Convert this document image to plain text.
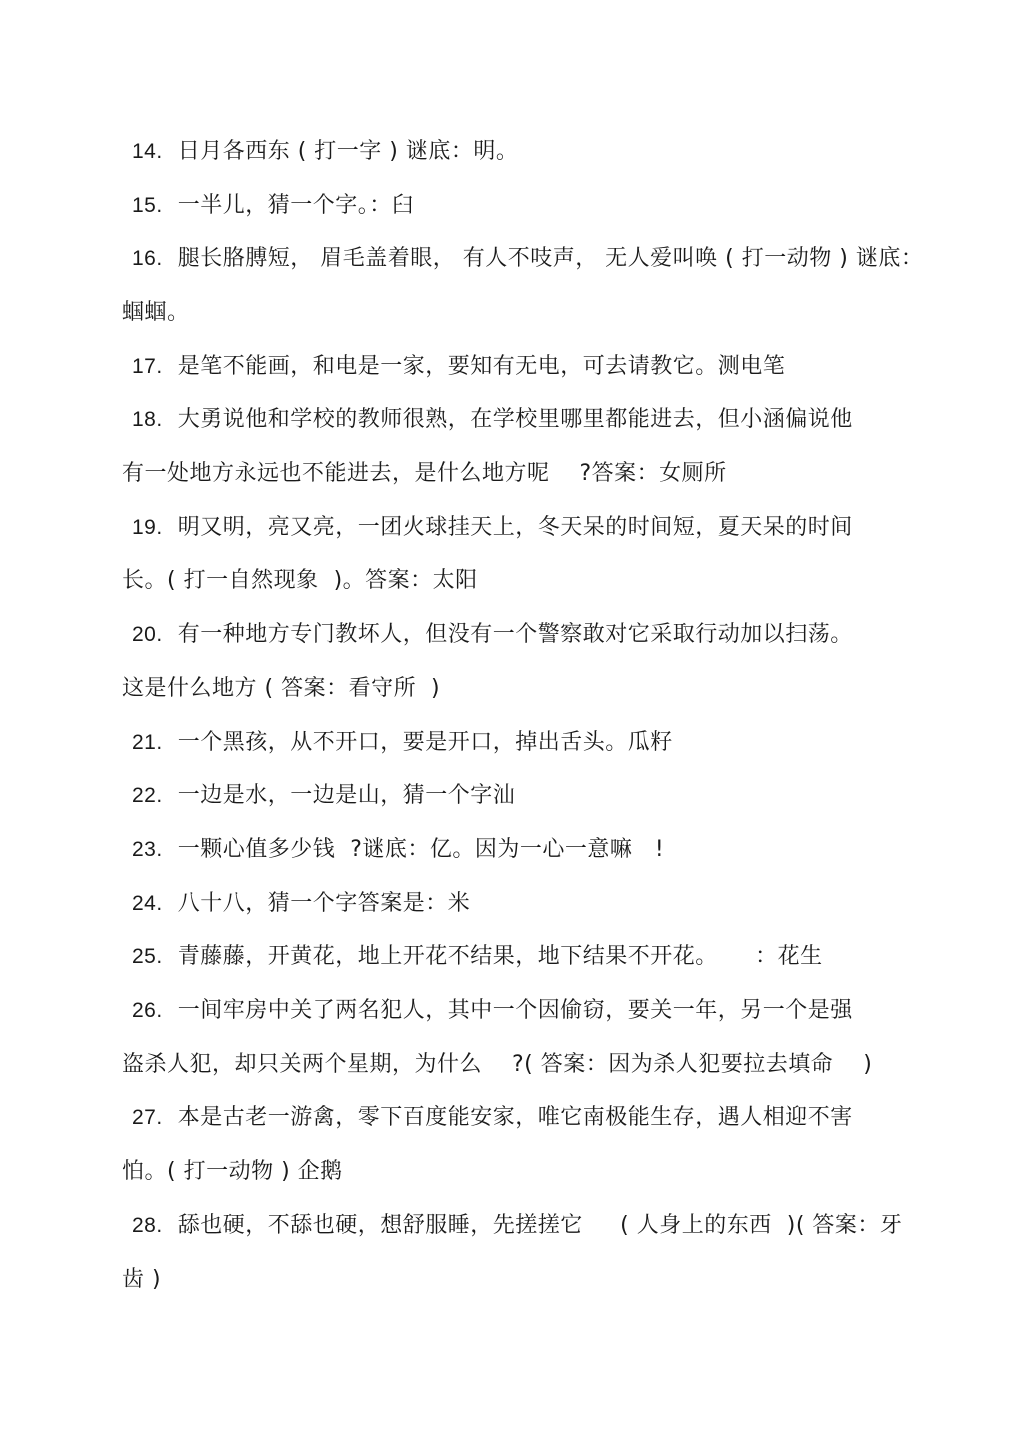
14. 日月各西东 ( 打一字 ) 谜底：明。
15. 一半儿，猜一个字。：臼
16. 腿长胳膊短， 眉毛盖着眼， 有人不吱声， 无人爱叫唤 ( 打一动物 ) 谜底：
蝈蝈。
17. 是笔不能画，和电是一家，要知有无电，可去请教它。测电笔
18. 大勇说他和学校的教师很熟，在学校里哪里都能进去，但小涵偏说他
有一处地方永远也不能进去，是什么地方呢    ?答案：女厕所
19. 明又明，亮又亮，一团火球挂天上，冬天呆的时间短，夏天呆的时间
长。( 打一自然现象  )。答案：太阳
20. 有一种地方专门教坏人，但没有一个警察敢对它采取行动加以扫荡。
这是什么地方 ( 答案：看守所  )
21. 一个黑孩，从不开口，要是开口，掉出舌头。瓜籽
22. 一边是水，一边是山，猜一个字汕
23. 一颗心值多少钱  ?谜底：亿。因为一心一意嘛   !
24. 八十八，猜一个字答案是：米
25. 青藤藤，开黄花，地上开花不结果，地下结果不开花。     ：花生
26. 一间牢房中关了两名犯人，其中一个因偷窃，要关一年，另一个是强
盗杀人犯，却只关两个星期，为什么    ?( 答案：因为杀人犯要拉去填命    )
27. 本是古老一游禽，零下百度能安家，唯它南极能生存，遇人相迎不害
怕。( 打一动物 ) 企鹅
28. 舔也硬，不舔也硬，想舒服睡，先搓搓它     ( 人身上的东西  )( 答案：牙
齿 )
